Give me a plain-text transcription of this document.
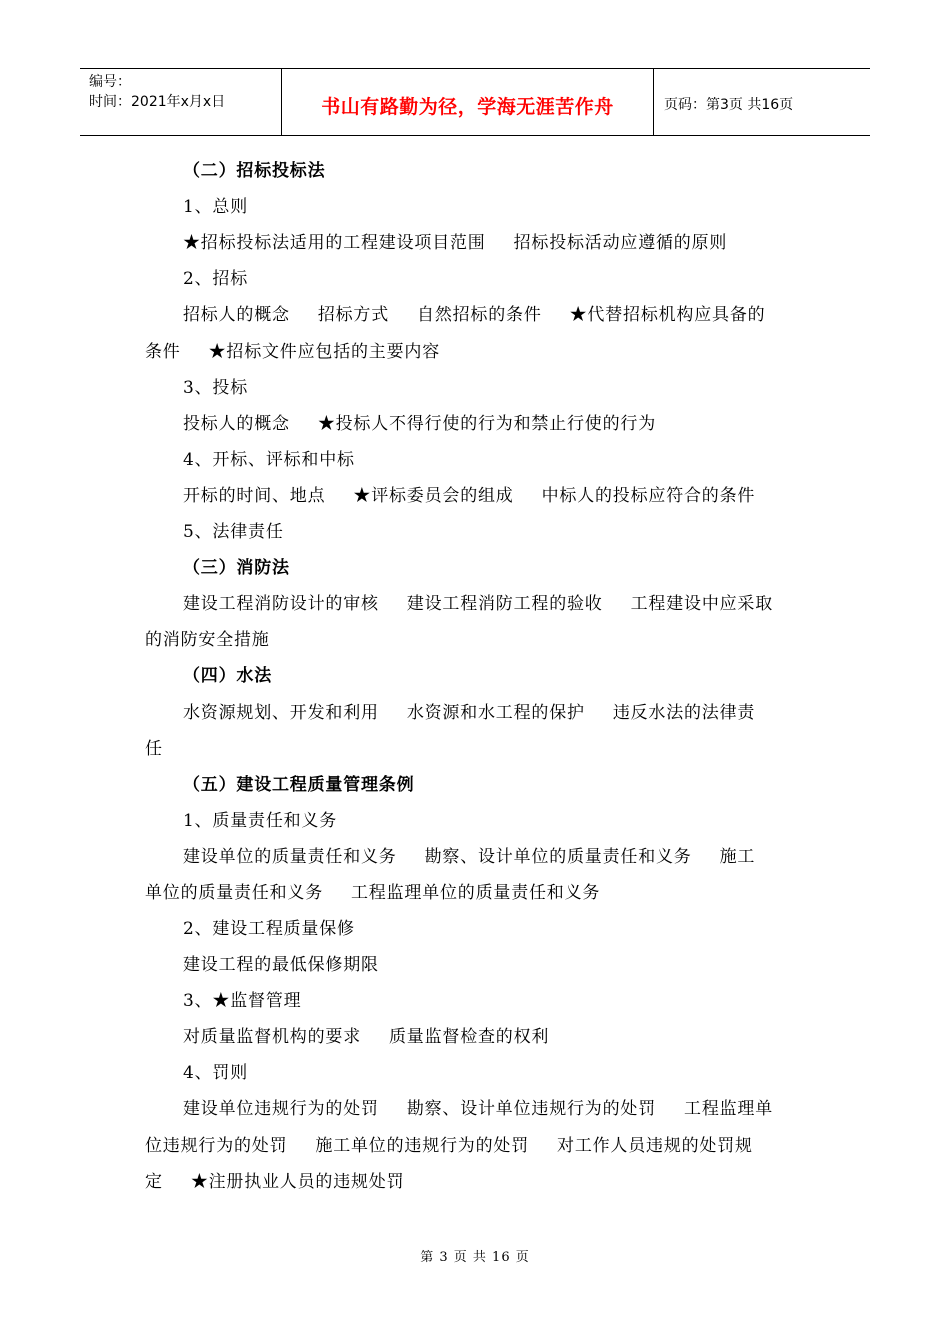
编号：
时间：2021年x月x日	书山有路勤为径，学海无涯苦作舟	页码：第3页 共16页
（二）招标投标法
1、总则
★招标投标法适用的工程建设项目范围 招标投标活动应遵循的原则
2、招标
招标人的概念 招标方式 自然招标的条件 ★代替招标机构应具备的
条件 ★招标文件应包括的主要内容
3、投标
投标人的概念 ★投标人不得行使的行为和禁止行使的行为
4、开标、评标和中标
开标的时间、地点 ★评标委员会的组成 中标人的投标应符合的条件
5、法律责任
（三）消防法
建设工程消防设计的审核 建设工程消防工程的验收 工程建设中应采取
的消防安全措施
（四）水法
水资源规划、开发和利用 水资源和水工程的保护 违反水法的法律责
任
（五）建设工程质量管理条例
1、质量责任和义务
建设单位的质量责任和义务 勘察、设计单位的质量责任和义务 施工
单位的质量责任和义务 工程监理单位的质量责任和义务
2、建设工程质量保修
建设工程的最低保修期限
3、★监督管理
对质量监督机构的要求 质量监督检查的权利
4、罚则
建设单位违规行为的处罚 勘察、设计单位违规行为的处罚 工程监理单
位违规行为的处罚 施工单位的违规行为的处罚 对工作人员违规的处罚规
定 ★注册执业人员的违规处罚
第 3 页 共 16 页
